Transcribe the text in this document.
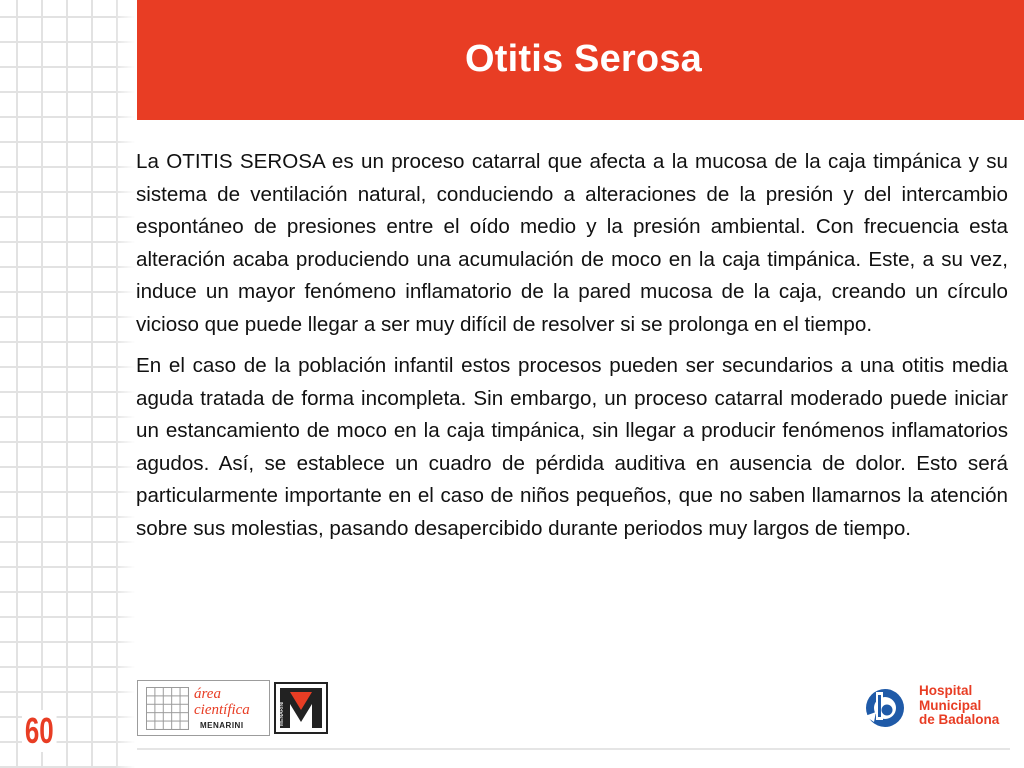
Otitis Serosa

La OTITIS SEROSA es un proceso catarral que afecta a la mucosa de la caja timpánica y su sistema de ventilación natural, conduciendo a alteraciones de la presión y del intercambio espontáneo de presiones entre el oído medio y la presión ambiental. Con frecuencia esta alteración acaba produciendo una acumulación de moco en la caja timpánica. Este, a su vez, induce un mayor fenómeno inflamatorio de la pared mucosa de la caja, creando un círculo vicioso que puede llegar a ser muy difícil de resolver si se prolonga en el tiempo.

En el caso de la población infantil estos procesos pueden ser secundarios a una otitis media aguda tratada de forma incompleta. Sin embargo, un proceso catarral moderado puede iniciar un estancamiento de moco en la caja timpánica, sin llegar a producir fenómenos inflamatorios agudos. Así, se establece un cuadro de pérdida auditiva en ausencia de dolor. Esto será particularmente importante en el caso de niños pequeños, que no saben llamarnos la atención sobre sus molestias, pasando desapercibido durante periodos muy largos de tiempo.

60
área
científica
MENARINI	MENARINI
Hospital
Municipal
de Badalona
